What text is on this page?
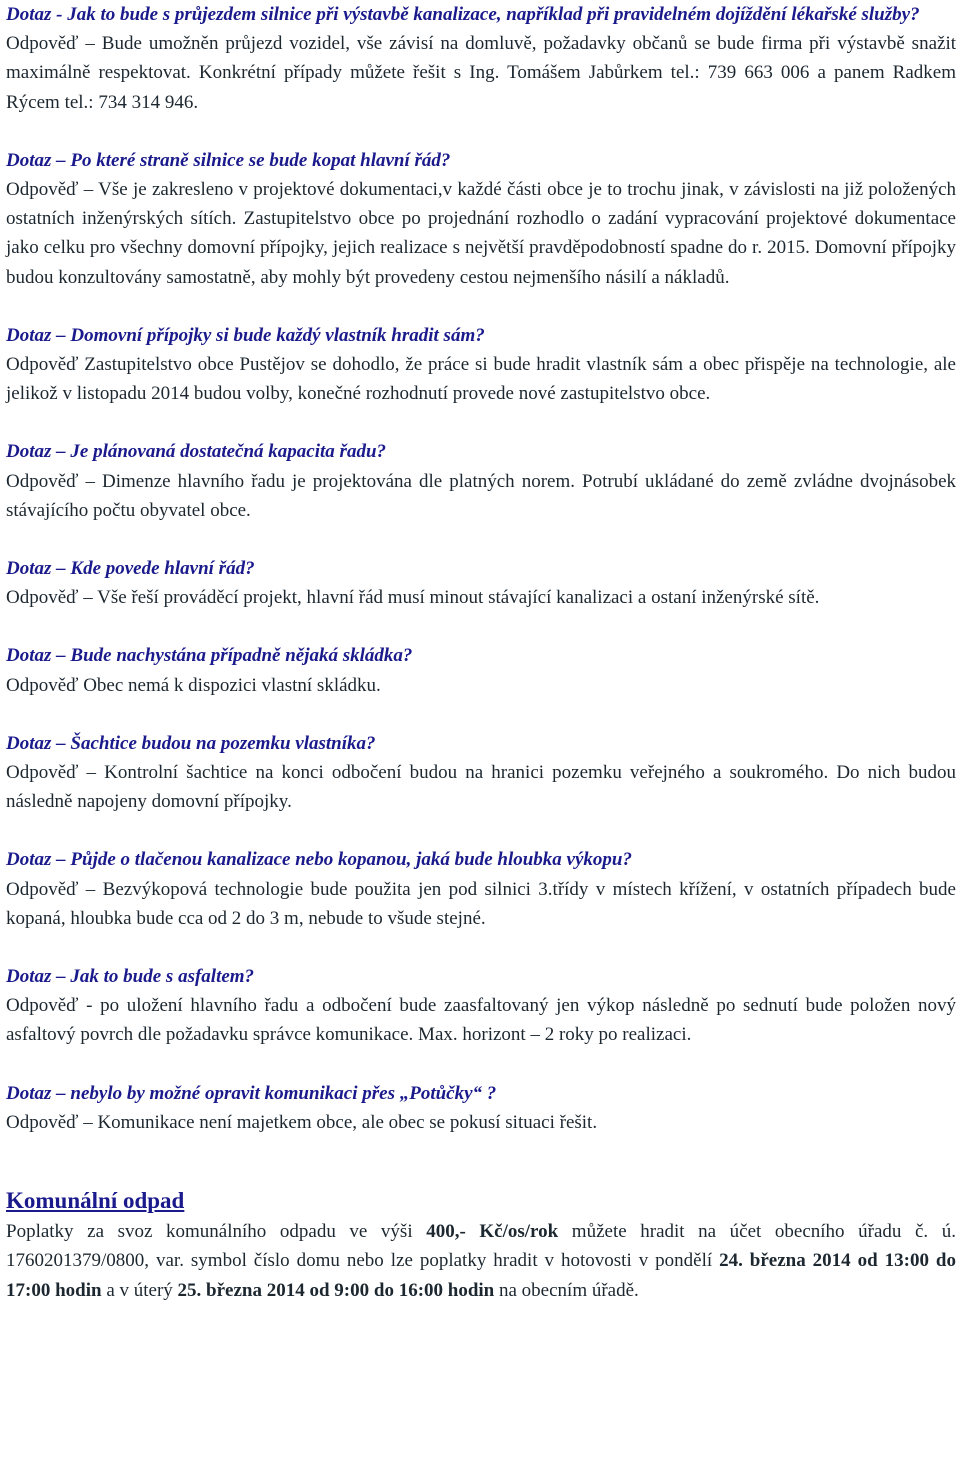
Dotaz - Jak to bude s průjezdem silnice při výstavbě kanalizace, například při pravidelném dojíždění lékařské služby?

Odpověď – Bude umožněn průjezd vozidel, vše závisí na domluvě, požadavky občanů se bude firma při výstavbě snažit maximálně respektovat. Konkrétní případy můžete řešit s Ing. Tomášem Jabůrkem tel.: 739 663 006 a panem Radkem Rýcem tel.: 734 314 946.

Dotaz – Po které straně silnice se bude kopat hlavní řád?

Odpověď – Vše je zakresleno v projektové dokumentaci,v každé části obce je to trochu jinak, v závislosti na již položených ostatních inženýrských sítích. Zastupitelstvo obce po projednání rozhodlo o zadání vypracování projektové dokumentace jako celku pro všechny domovní přípojky, jejich realizace s největší pravděpodobností spadne do r. 2015. Domovní přípojky budou konzultovány samostatně, aby mohly být provedeny cestou nejmenšího násilí a nákladů.

Dotaz – Domovní přípojky si bude každý vlastník hradit sám?

Odpověď Zastupitelstvo obce Pustějov se dohodlo, že práce si bude hradit vlastník sám a obec přispěje na technologie, ale jelikož v listopadu 2014 budou volby, konečné rozhodnutí provede nové zastupitelstvo obce.

Dotaz – Je plánovaná dostatečná kapacita řadu?

Odpověď – Dimenze hlavního řadu je projektována dle platných norem. Potrubí ukládané do země zvládne dvojnásobek stávajícího počtu obyvatel obce.

Dotaz – Kde povede hlavní řád?

Odpověď – Vše řeší prováděcí projekt, hlavní řád musí minout stávající kanalizaci a ostaní inženýrské sítě.

Dotaz – Bude nachystána případně nějaká skládka?

Odpověď Obec nemá k dispozici vlastní skládku.

Dotaz – Šachtice budou na pozemku vlastníka?

Odpověď – Kontrolní šachtice na konci odbočení budou na hranici pozemku veřejného a soukromého. Do nich budou následně napojeny domovní přípojky.

Dotaz – Půjde o tlačenou kanalizace nebo kopanou, jaká bude hloubka výkopu?

Odpověď – Bezvýkopová technologie bude použita jen pod silnici 3.třídy v místech křížení, v ostatních případech bude kopaná, hloubka bude cca od 2 do 3 m, nebude to všude stejné.

Dotaz – Jak to bude s asfaltem?

Odpověď - po uložení hlavního řadu a odbočení bude zaasfaltovaný jen výkop následně po sednutí bude položen nový asfaltový povrch dle požadavku správce komunikace. Max. horizont – 2 roky po realizaci.

Dotaz – nebylo by možné opravit komunikaci přes „Potůčky“ ?

Odpověď – Komunikace není majetkem obce, ale obec se pokusí situaci řešit.

Komunální odpad

Poplatky za svoz komunálního odpadu ve výši 400,- Kč/os/rok můžete hradit na účet obecního úřadu č. ú. 1760201379/0800, var. symbol číslo domu nebo lze poplatky hradit v hotovosti v pondělí 24. března 2014 od 13:00 do 17:00 hodin a v úterý 25. března 2014 od 9:00 do 16:00 hodin na obecním úřadě.
